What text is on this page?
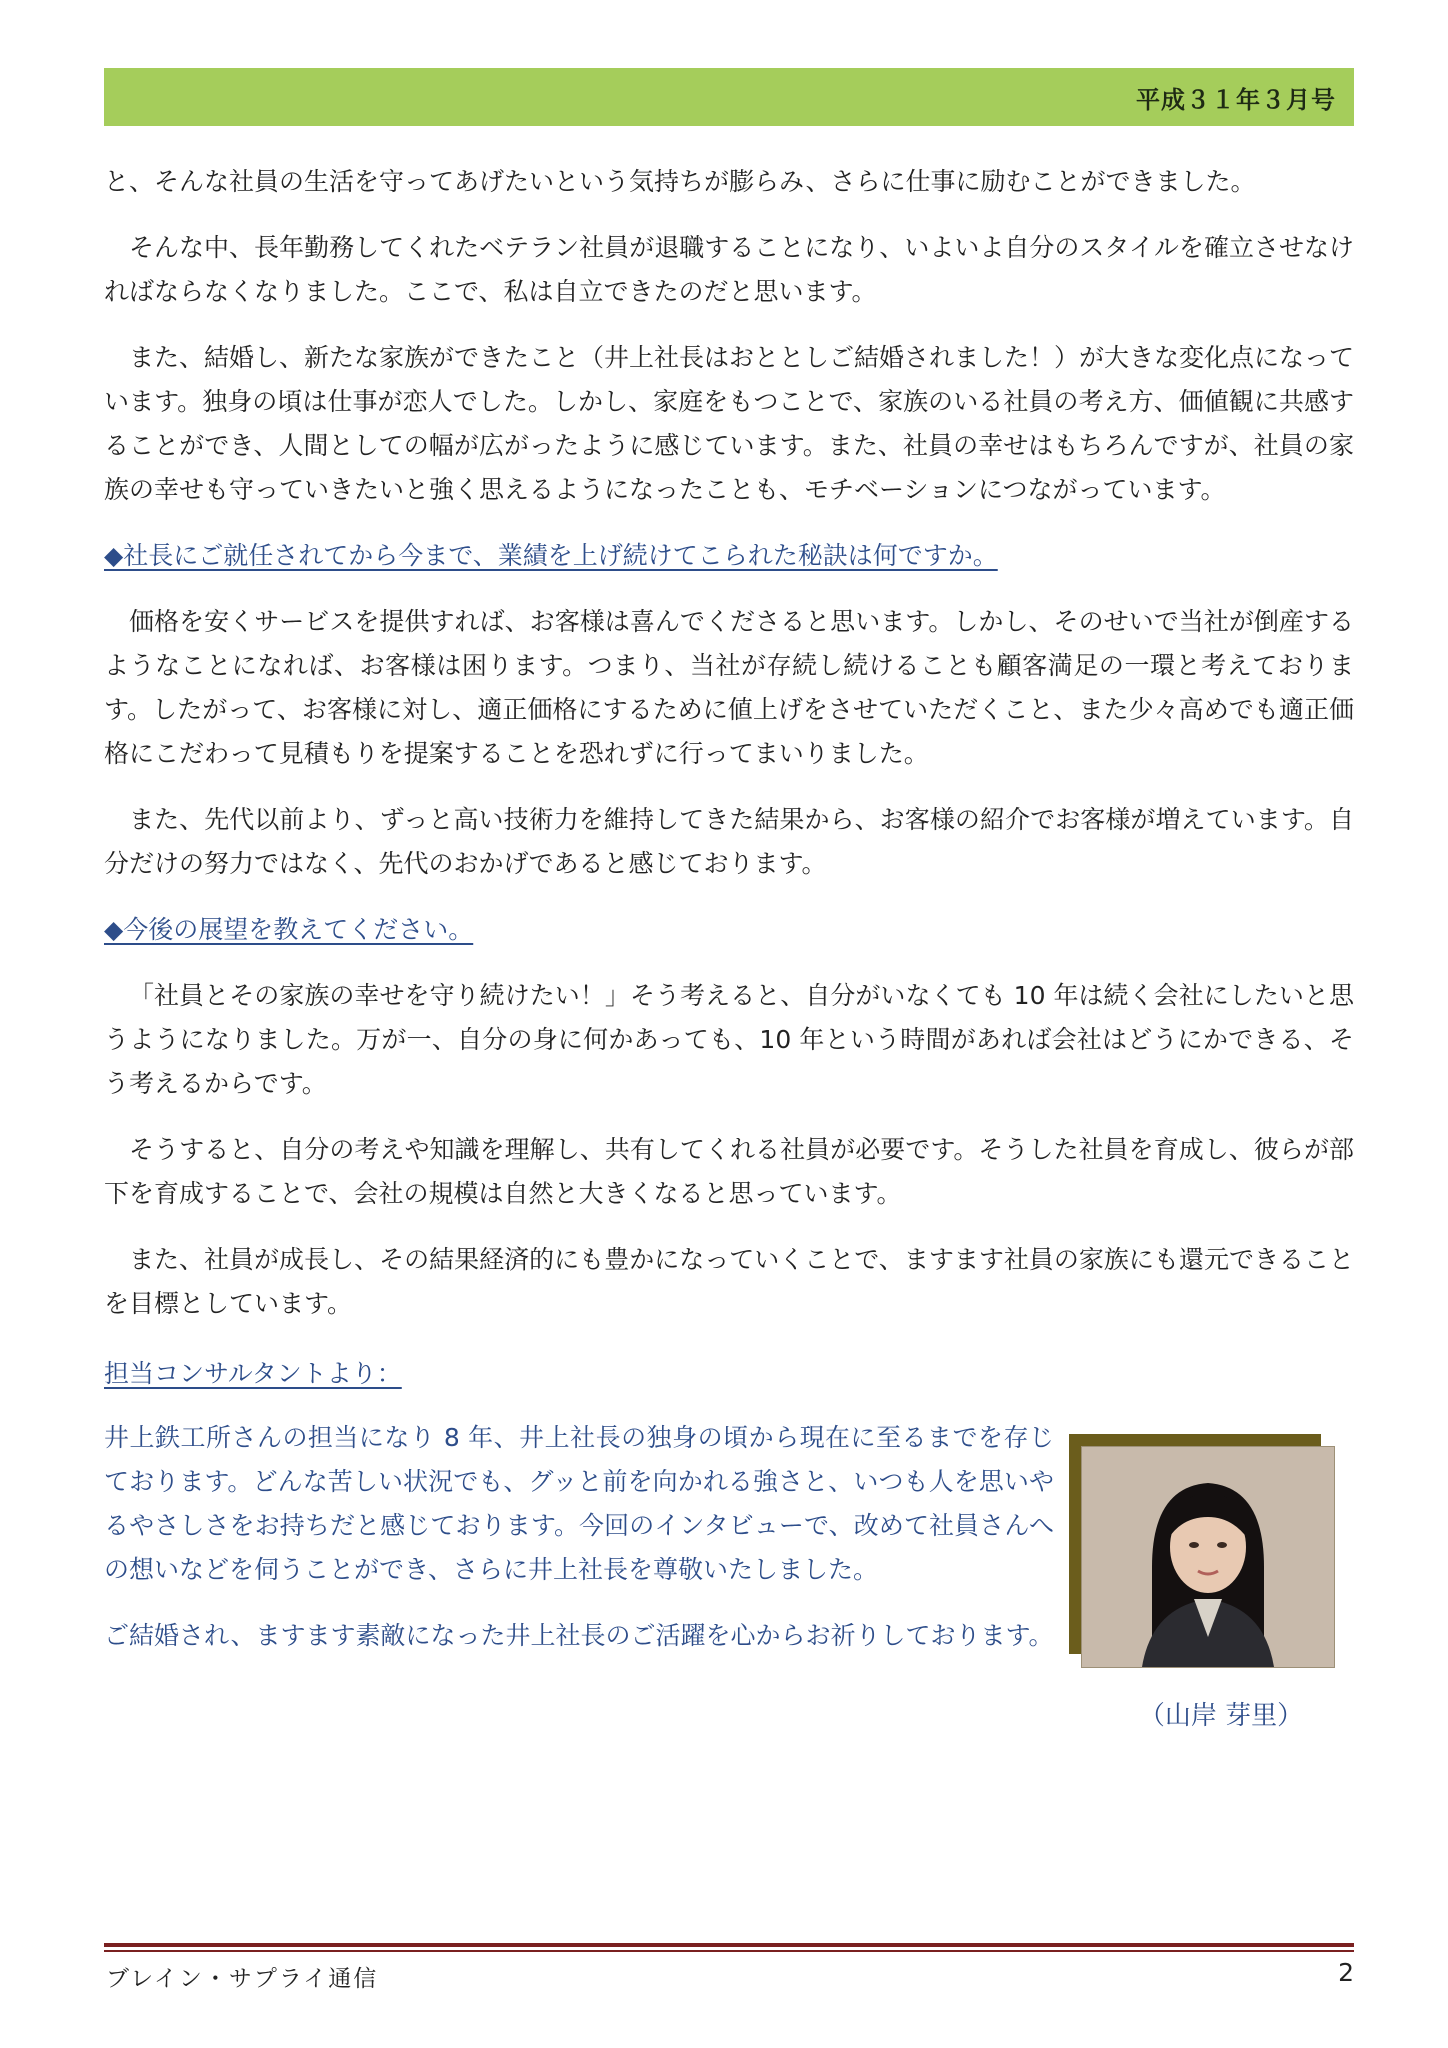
平成３１年３月号

と、そんな社員の生活を守ってあげたいという気持ちが膨らみ、さらに仕事に励むことができました。

そんな中、長年勤務してくれたベテラン社員が退職することになり、いよいよ自分のスタイルを確立させなければならなくなりました。ここで、私は自立できたのだと思います。

また、結婚し、新たな家族ができたこと（井上社長はおととしご結婚されました！）が大きな変化点になっています。独身の頃は仕事が恋人でした。しかし、家庭をもつことで、家族のいる社員の考え方、価値観に共感することができ、人間としての幅が広がったように感じています。また、社員の幸せはもちろんですが、社員の家族の幸せも守っていきたいと強く思えるようになったことも、モチベーションにつながっています。

◆社長にご就任されてから今まで、業績を上げ続けてこられた秘訣は何ですか。

価格を安くサービスを提供すれば、お客様は喜んでくださると思います。しかし、そのせいで当社が倒産するようなことになれば、お客様は困ります。つまり、当社が存続し続けることも顧客満足の一環と考えております。したがって、お客様に対し、適正価格にするために値上げをさせていただくこと、また少々高めでも適正価格にこだわって見積もりを提案することを恐れずに行ってまいりました。

また、先代以前より、ずっと高い技術力を維持してきた結果から、お客様の紹介でお客様が増えています。自分だけの努力ではなく、先代のおかげであると感じております。

◆今後の展望を教えてください。

「社員とその家族の幸せを守り続けたい！」そう考えると、自分がいなくても 10 年は続く会社にしたいと思うようになりました。万が一、自分の身に何かあっても、10 年という時間があれば会社はどうにかできる、そう考えるからです。

そうすると、自分の考えや知識を理解し、共有してくれる社員が必要です。そうした社員を育成し、彼らが部下を育成することで、会社の規模は自然と大きくなると思っています。

また、社員が成長し、その結果経済的にも豊かになっていくことで、ますます社員の家族にも還元できることを目標としています。

担当コンサルタントより：

井上鉄工所さんの担当になり 8 年、井上社長の独身の頃から現在に至るまでを存じております。どんな苦しい状況でも、グッと前を向かれる強さと、いつも人を思いやるやさしさをお持ちだと感じております。今回のインタビューで、改めて社員さんへの想いなどを伺うことができ、さらに井上社長を尊敬いたしました。

ご結婚され、ますます素敵になった井上社長のご活躍を心からお祈りしております。

（山岸 芽里）
ブレイン・サプライ通信	2
